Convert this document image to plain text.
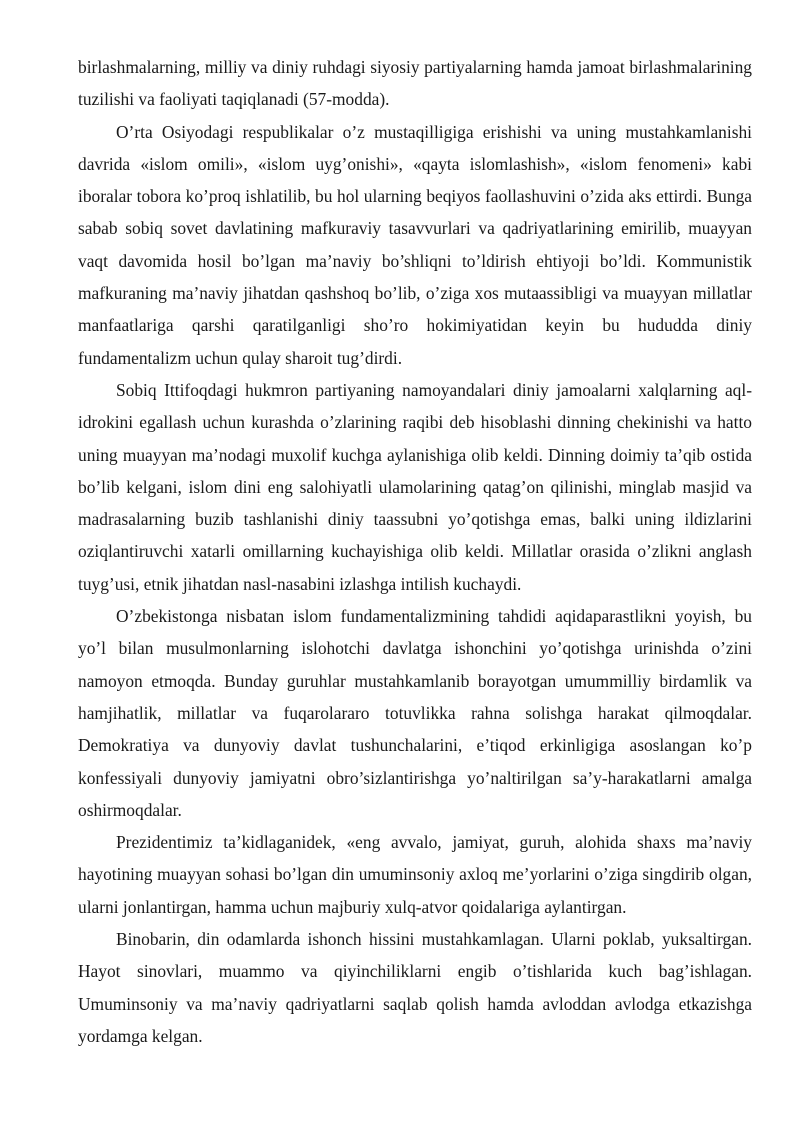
birlashmalarning, milliy va diniy ruhdagi siyosiy partiyalarning hamda jamoat birlashmalarining tuzilishi va faoliyati taqiqlanadi (57-modda).

O’rta Osiyodagi respublikalar o’z mustaqilligiga erishishi va uning mustahkamlanishi davrida «islom omili», «islom uyg’onishi», «qayta islomlashish», «islom fenomeni» kabi iboralar tobora ko’proq ishlatilib, bu hol ularning beqiyos faollashuvini o’zida aks ettirdi. Bunga sabab sobiq sovet davlatining mafkuraviy tasavvurlari va qadriyatlarining emirilib, muayyan vaqt davomida hosil bo’lgan ma’naviy bo’shliqni to’ldirish ehtiyoji bo’ldi. Kommunistik mafkuraning ma’naviy jihatdan qashshoq bo’lib, o’ziga xos mutaassibligi va muayyan millatlar manfaatlariga qarshi qaratilganligi sho’ro hokimiyatidan keyin bu hududda diniy fundamentalizm uchun qulay sharoit tug’dirdi.

Sobiq Ittifoqdagi hukmron partiyaning namoyandalari diniy jamoalarni xalqlarning aql-idrokini egallash uchun kurashda o’zlarining raqibi deb hisoblashi dinning chekinishi va hatto uning muayyan ma’nodagi muxolif kuchga aylanishiga olib keldi. Dinning doimiy ta’qib ostida bo’lib kelgani, islom dini eng salohiyatli ulamolarining qatag’on qilinishi, minglab masjid va madrasalarning buzib tashlanishi diniy taassubni yo’qotishga emas, balki uning ildizlarini oziqlantiruvchi xatarli omillarning kuchayishiga olib keldi. Millatlar orasida o’zlikni anglash tuyg’usi, etnik jihatdan nasl-nasabini izlashga intilish kuchaydi.

O’zbekistonga nisbatan islom fundamentalizmining tahdidi aqidaparastlikni yoyish, bu yo’l bilan musulmonlarning islohotchi davlatga ishonchini yo’qotishga urinishda o’zini namoyon etmoqda. Bunday guruhlar mustahkamlanib borayotgan umummilliy birdamlik va hamjihatlik, millatlar va fuqarolararo totuvlikka rahna solishga harakat qilmoqdalar. Demokratiya va dunyoviy davlat tushunchalarini, e’tiqod erkinligiga asoslangan ko’p konfessiyali dunyoviy jamiyatni obro’sizlantirishga yo’naltirilgan sa’y-harakatlarni amalga oshirmoqdalar.

Prezidentimiz ta’kidlaganidek, «eng avvalo, jamiyat, guruh, alohida shaxs ma’naviy hayotining muayyan sohasi bo’lgan din umuminsoniy axloq me’yorlarini o’ziga singdirib olgan, ularni jonlantirgan, hamma uchun majburiy xulq-atvor qoidalariga aylantirgan.

Binobarin, din odamlarda ishonch hissini mustahkamlagan. Ularni poklab, yuksaltirgan. Hayot sinovlari, muammo va qiyinchiliklarni engib o’tishlarida kuch bag’ishlagan. Umuminsoniy va ma’naviy qadriyatlarni saqlab qolish hamda avloddan avlodga etkazishga yordamga kelgan.
